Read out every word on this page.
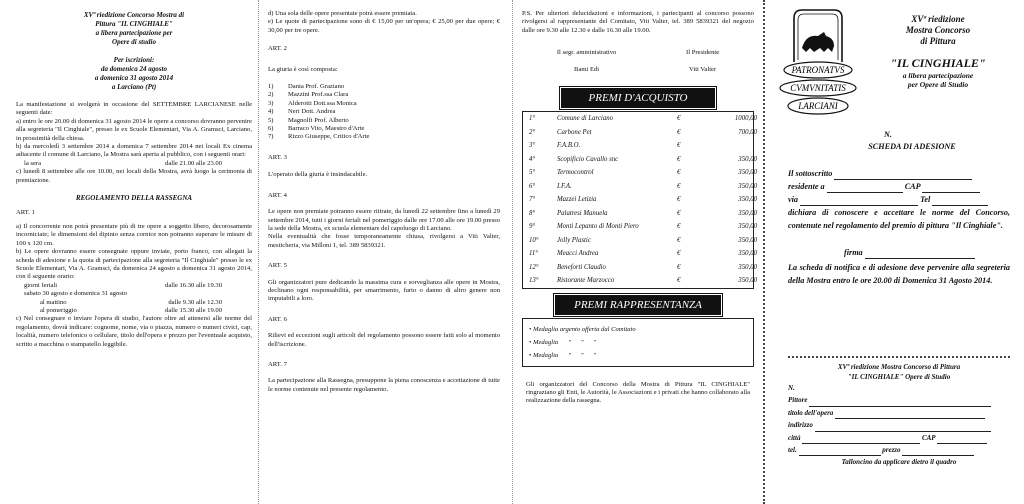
XVª riedizione Concorso Mostra di
Pittura "IL CINGHIALE"
a libera partecipazione per
Opere di studio
Per iscrizioni:
da domenica 24 agosto
a domenica 31 agosto 2014
a Larciano (Pt)

La manifestazione si svolgerà in occasione del SETTEMBRE LARCIANESE nelle seguenti date:

a) entro le ore 20.00 di domenica 31 agosto 2014 le opere a concorso dovranno pervenire alla segreteria "Il Cinghiale", presso le ex Scuole Elementari, Via A. Gramsci, Larciano, in prossimità della chiesa.

b) da mercoledì 3 settembre 2014 a domenica 7 settembre 2014 nei locali Ex cinema adiacente il comune di Larciano, la Mostra sarà aperta al pubblico, con i seguenti orari:

la sera	dalle 21.00 alle 23.00

c) lunedì 8 settembre alle ore 10.00, nei locali della Mostra, avrà luogo la cerimonia di premiazione.

REGOLAMENTO DELLA RASSEGNA
ART. 1

a) Il concorrente non potrà presentare più di tre opere a soggetto libero, decorosamente incorniciate; le dimensioni del dipinto senza cornice non potranno superare le misure di 100 x 120 cm.

b) Le opere dovranno essere consegnate oppure inviate, porto franco, con allegati la scheda di adesione e la quota di partecipazione alla segreteria "Il Cinghiale" presso le ex Scuole Elementari, Via A. Gramsci, da domenica 24 agosto a domenica 31 agosto 2014, con il seguente orario:

giorni feriali	dalle 16.30 alle 19.30
sabato 30 agosto e domenica 31 agosto
al mattino	dalle 9.30 alle 12.30
al pomeriggio	dalle 15.30 alle 19.00

c) Nel consegnare o inviare l'opera di studio, l'autore oltre ad attenersi alle norme del regolamento, dovrà indicare: cognome, nome, via o piazza, numero o numeri civici, cap, località, numero telefonico o cellulare, titolo dell'opera e prezzo per l'eventuale acquisto, scritto a macchina o stampatello leggibile.

d) Una sola delle opere presentate potrà essere premiata.

e) Le quote di partecipazione sono di € 15,00 per un'opera; € 25,00 per due opere; € 30,00 per tre opere.

ART. 2

La giuria è così composta:

1)	Dania Prof. Graziano
2)	Mazzini Prof.ssa Clara
3)	Alderotti Dott.ssa Monica
4)	Neri Dott. Andrea
5)	Magnolfi Prof. Alberto
6)	Barraco Vito, Maestro d'Arte
7)	Rizzo Giuseppe, Critico d'Arte
ART. 3

L'operato della giuria è insindacabile.

ART. 4

Le opere non premiate potranno essere ritirate, da lunedì 22 settembre fino a lunedì 29 settembre 2014, tutti i giorni feriali nel pomeriggio dalle ore 17.00 alle ore 19.00 presso la sede della Mostra, ex scuola elementare del capoluogo di Larciano.

Nella eventualità che fosse temporaneamente chiusa, rivolgersi a Viti Valter, mesticheria, via Milloni 1, tel. 389 5839321.

ART. 5

Gli organizzatori pure dedicando la massima cura e sorveglianza alle opere in Mostra, declinano ogni responsabilità, per smarrimento, furto o danno di altro genere non imputabili a loro.

ART. 6

Rilievi ed eccezioni sugli articoli del regolamento possono essere fatti solo al momento dell'iscrizione.

ART. 7

La partecipazione alla Rassegna, presuppone la piena conoscenza e accettazione di tutte le norme contenute nel presente regolamento.

P.S. Per ulteriori delucidazioni e informazioni, i partecipanti al concorso possono rivolgersi al rappresentante del Comitato, Viti Valter, tel. 389 5839321 del negozio dalle ore 9.30 alle 12.30 e dalle 16.30 alle 19.00.

Il segr. amministrativo
Bami Edi
Il Presidente
Viti Valter
PREMI D'ACQUISTO
1°	Comune di Larciano	€	1000,00
2°	Carbone Pet	€	700,00
3°	F.A.B.O.	€
4°	Scopificio Cavallo snc	€	350,00
5°	Termocontrol	€	350,00
6°	I.F.A.	€	350,00
7°	Mazzei Letizia	€	350,00
8°	Palatresi Manuela	€	350,00
9°	Monti Lepanto di Monti Piero	€	350,00
10°	Jolly Plastic	€	350,00
11°	Meacci Andrea	€	350,00
12°	Beneforti Claudio	€	350,00
13°	Ristorante Marzocco	€	350,00
PREMI RAPPRESENTANZA
• Medaglia argento offerta dal Comitato
• Medaglia      "      "      "
• Medaglia      "      "      "

Gli organizzatori del Concorso della Mostra di Pittura "IL CINGHIALE" ringraziano gli Enti, le Autorità, le Associazioni e i privati che hanno collaborato alla realizzazione della rassegna.

PATRONATVS
CVMVNITATIS
LARCIANI
XVª riedizione
Mostra Concorso
di Pittura
"IL CINGHIALE"
a libera partecipazione
per Opere di Studio
N.
SCHEDA DI ADESIONE
Il sottoscritto
residente a	CAP
via	Tel

dichiara di conoscere e accettare le norme del Concorso, contenute nel regolamento del premio di pittura "Il Cinghiale".

firma

La scheda di notifica e di adesione deve pervenire alla segreteria della Mostra entro le ore 20.00 di Domenica 31 Agosto 2014.

XVª riedizione Mostra Concorso di Pittura
"IL CINGHIALE" Opere di Studio
N.
Pittore
titolo dell'opera
indirizzo
città	CAP
tel.	prezzo
Talloncino da applicare dietro il quadro
